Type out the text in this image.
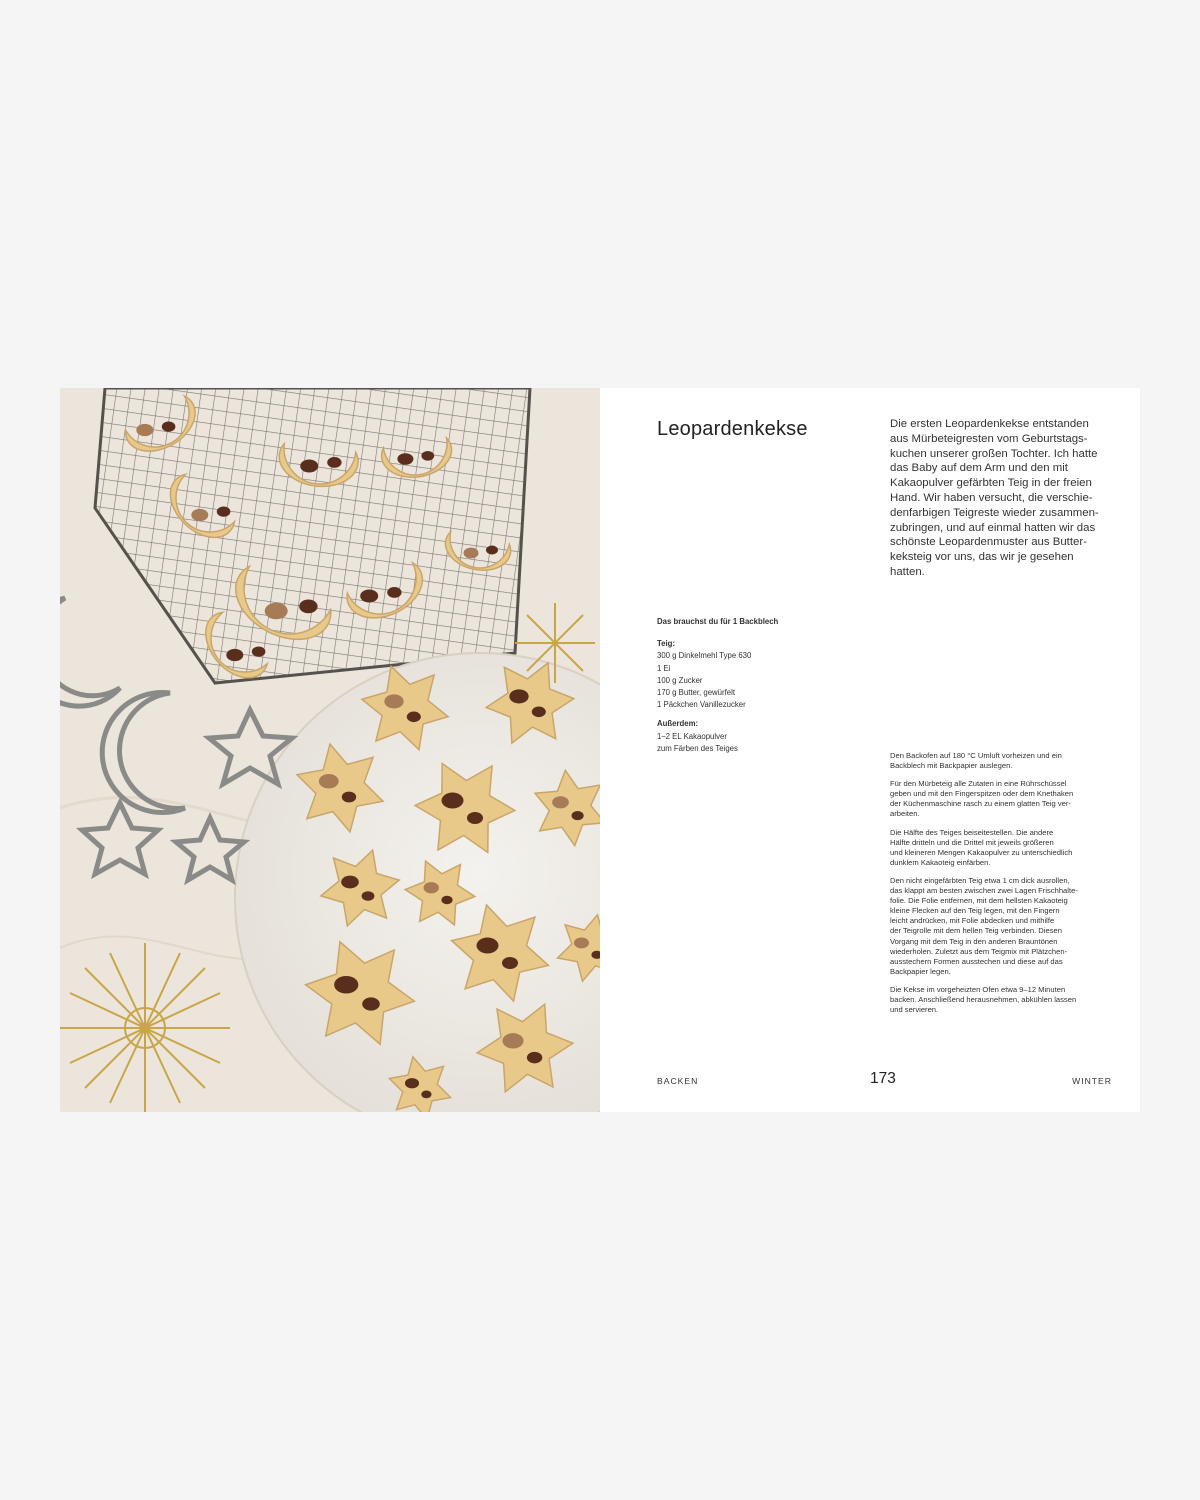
Leopardenkekse	Die ersten Leopardenkekse entstanden
aus Mürbeteigresten vom Geburtstags-
kuchen unserer großen Tochter. Ich hatte
das Baby auf dem Arm und den mit
Kakaopulver gefärbten Teig in der freien
Hand. Wir haben versucht, die verschie-
denfarbigen Teigreste wieder zusammen-
zubringen, und auf einmal hatten wir das
schönste Leopardenmuster aus Butter-
keksteig vor uns, das wir je gesehen
hatten.

Das brauchst du für 1 Backblech
Teig:
300 g Dinkelmehl Type 630
1 Ei
100 g Zucker
170 g Butter, gewürfelt
1 Päckchen Vanillezucker
Außerdem:
1–2 EL Kakaopulver
zum Färben des Teiges

Den Backofen auf 180 °C Umluft vorheizen und ein
Backblech mit Backpapier auslegen.

Für den Mürbeteig alle Zutaten in eine Rührschüssel
geben und mit den Fingerspitzen oder dem Knethaken
der Küchenmaschine rasch zu einem glatten Teig ver-
arbeiten.

Die Hälfte des Teiges beiseitestellen. Die andere
Hälfte dritteln und die Drittel mit jeweils größeren
und kleineren Mengen Kakaopulver zu unterschiedlich
dunklem Kakaoteig einfärben.

Den nicht eingefärbten Teig etwa 1 cm dick ausrollen,
das klappt am besten zwischen zwei Lagen Frischhalte-
folie. Die Folie entfernen, mit dem hellsten Kakaoteig
kleine Flecken auf den Teig legen, mit den Fingern
leicht andrücken, mit Folie abdecken und mithilfe
der Teigrolle mit dem hellen Teig verbinden. Diesen
Vorgang mit dem Teig in den anderen Brauntönen
wiederholen. Zuletzt aus dem Teigmix mit Plätzchen-
ausstechern Formen ausstechen und diese auf das
Backpapier legen.

Die Kekse im vorgeheizten Ofen etwa 9–12 Minuten
backen. Anschließend herausnehmen, abkühlen lassen
und servieren.

BACKEN	173	WINTER
